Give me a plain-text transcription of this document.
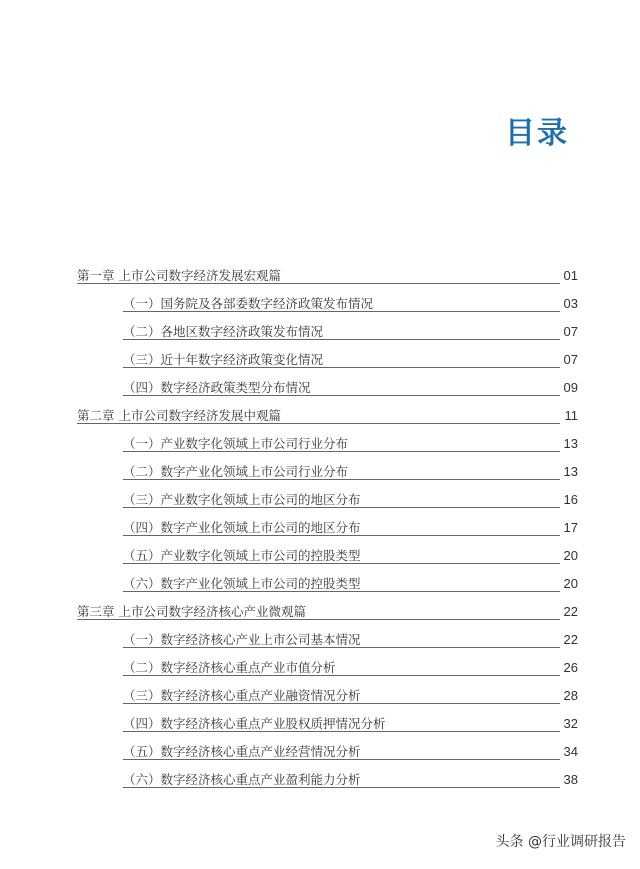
目录
第一章 上市公司数字经济发展宏观篇	01
（一）国务院及各部委数字经济政策发布情况	03
（二）各地区数字经济政策发布情况	07
（三）近十年数字经济政策变化情况	07
（四）数字经济政策类型分布情况	09
第二章 上市公司数字经济发展中观篇	11
（一）产业数字化领域上市公司行业分布	13
（二）数字产业化领域上市公司行业分布	13
（三）产业数字化领域上市公司的地区分布	16
（四）数字产业化领域上市公司的地区分布	17
（五）产业数字化领域上市公司的控股类型	20
（六）数字产业化领域上市公司的控股类型	20
第三章 上市公司数字经济核心产业微观篇	22
（一）数字经济核心产业上市公司基本情况	22
（二）数字经济核心重点产业市值分析	26
（三）数字经济核心重点产业融资情况分析	28
（四）数字经济核心重点产业股权质押情况分析	32
（五）数字经济核心重点产业经营情况分析	34
（六）数字经济核心重点产业盈利能力分析	38
头条 @行业调研报告
